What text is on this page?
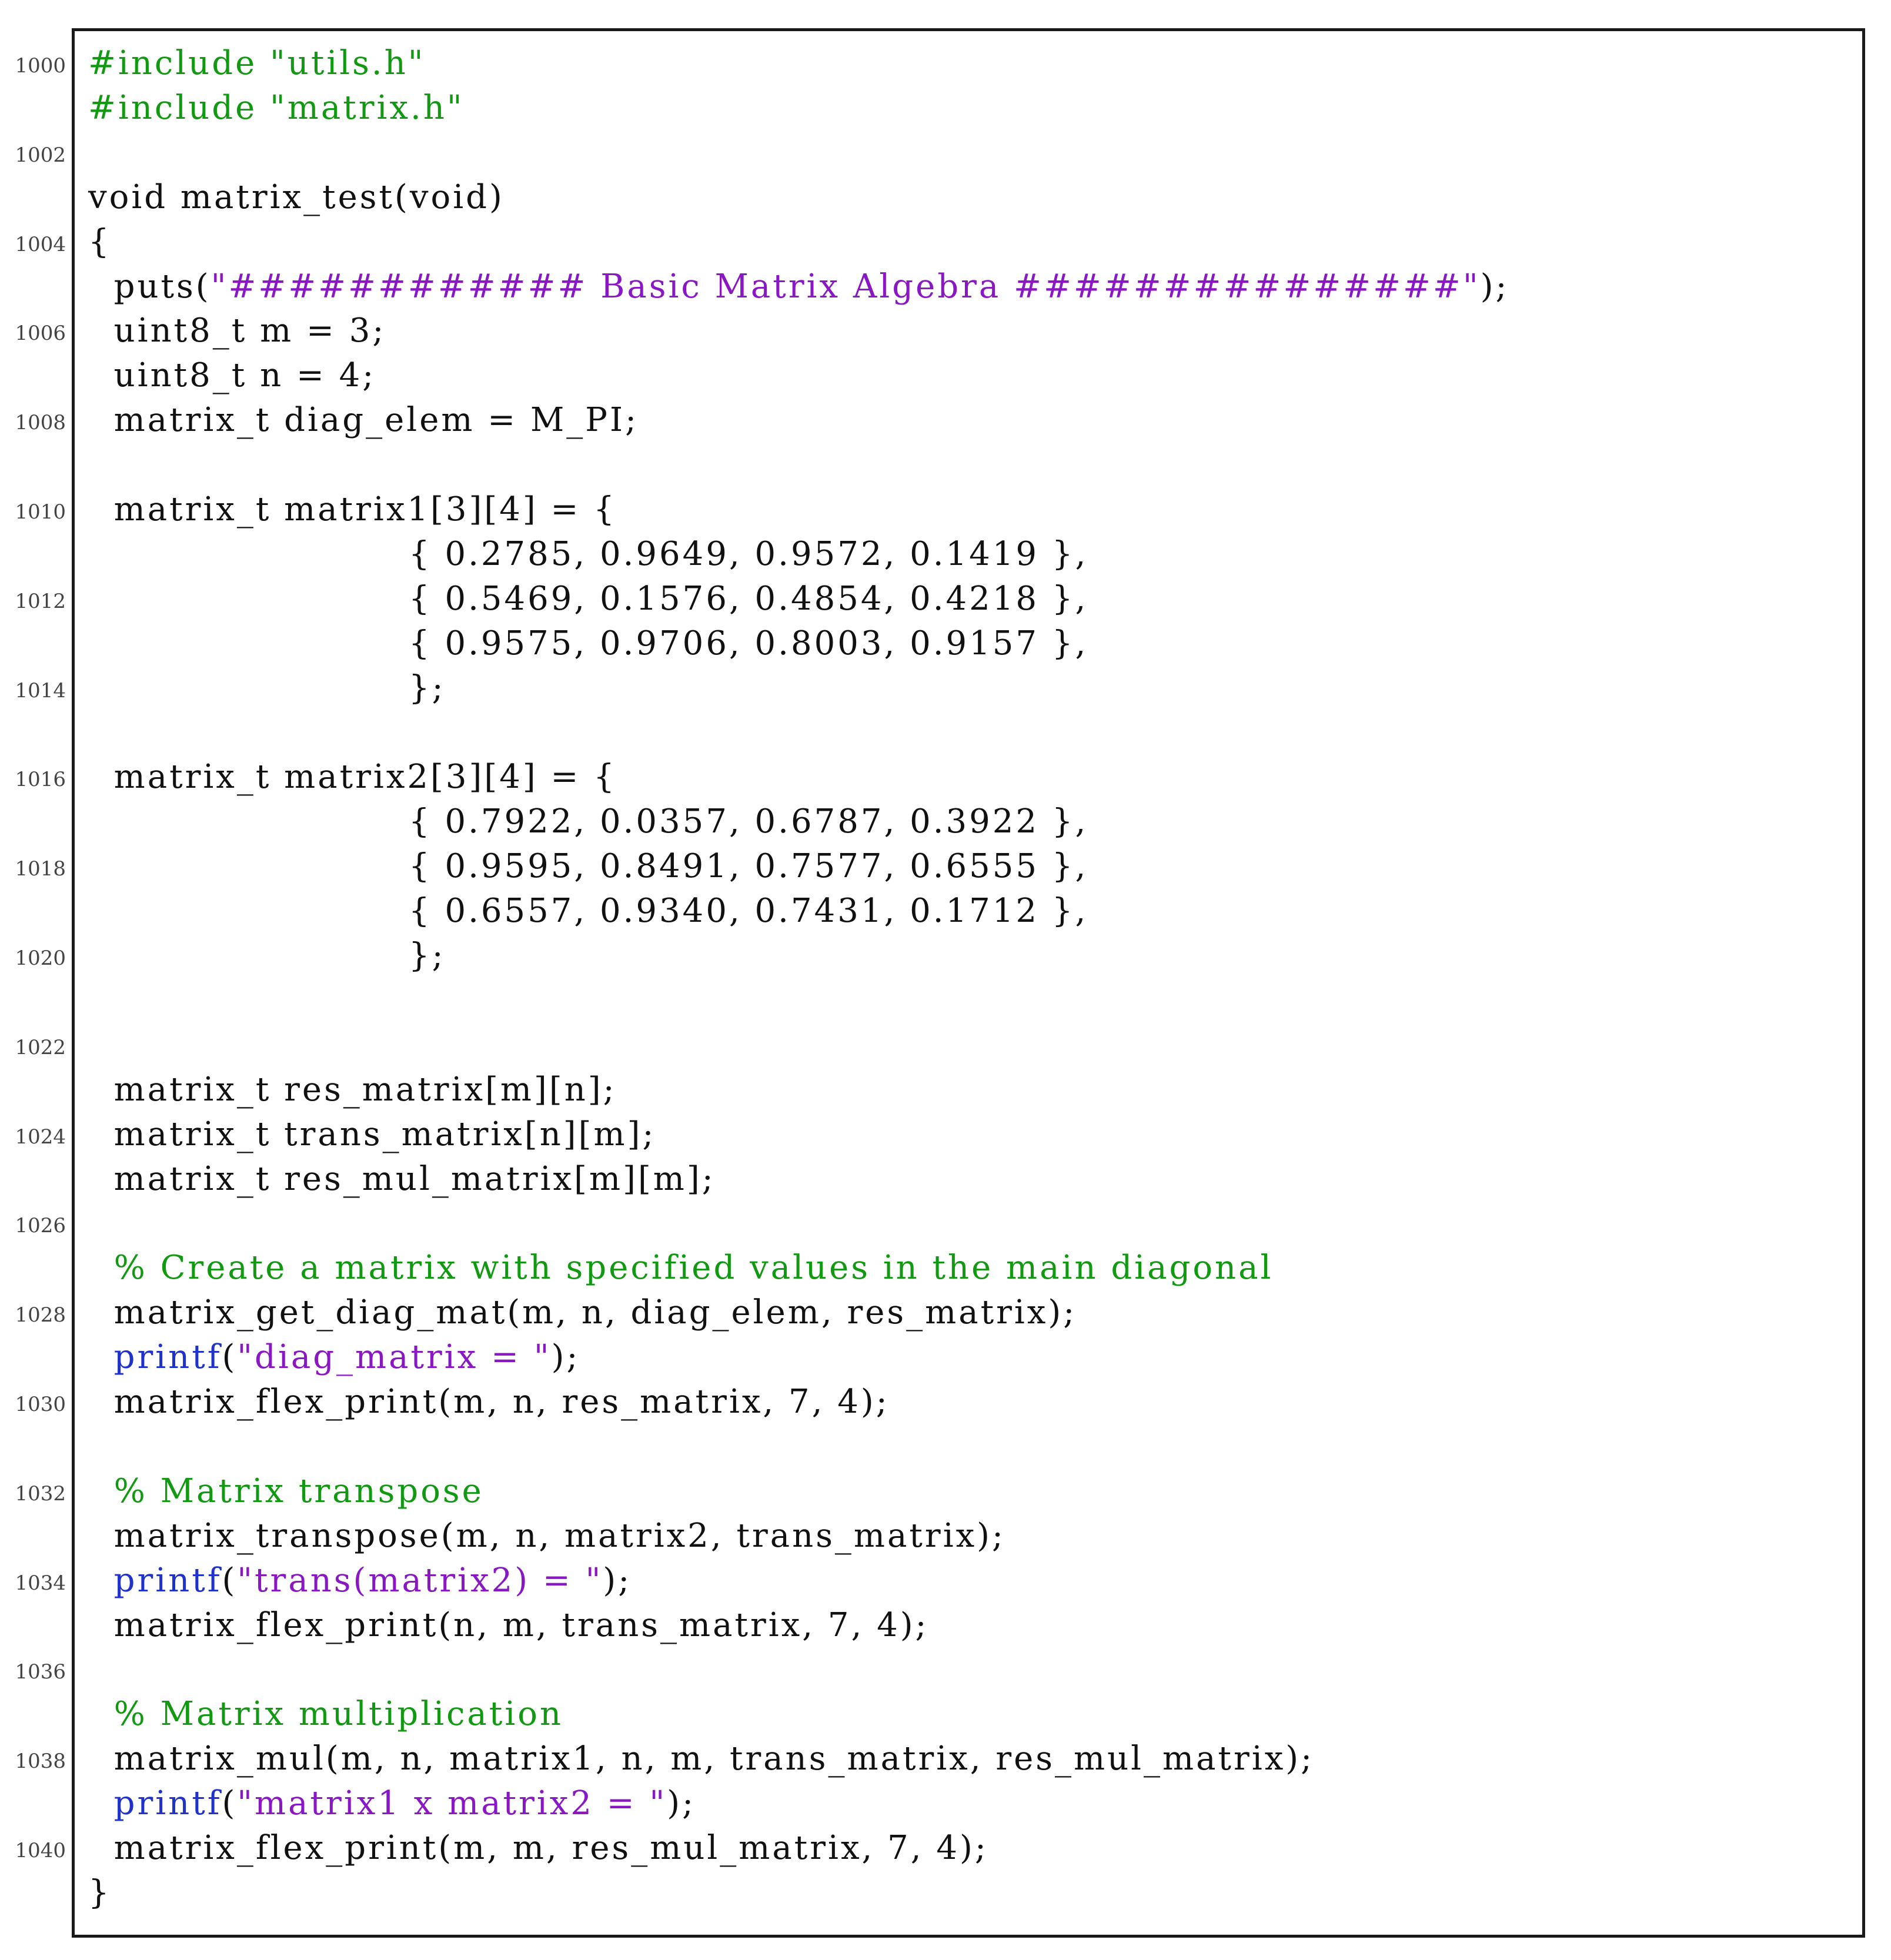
1000 #include "utils.h"
#include "matrix.h"
1002
void matrix_test(void)
1004 {
puts("############ Basic Matrix Algebra ###############");
1006 uint8_t m = 3;
uint8_t n = 4;
1008 matrix_t diag_elem = M_PI;
1010 matrix_t matrix1[3][4] = {
{ 0.2785, 0.9649, 0.9572, 0.1419 },
1012 { 0.5469, 0.1576, 0.4854, 0.4218 },
{ 0.9575, 0.9706, 0.8003, 0.9157 },
1014 };
1016 matrix_t matrix2[3][4] = {
{ 0.7922, 0.0357, 0.6787, 0.3922 },
1018 { 0.9595, 0.8491, 0.7577, 0.6555 },
{ 0.6557, 0.9340, 0.7431, 0.1712 },
1020 };
1022
matrix_t res_matrix[m][n];
1024 matrix_t trans_matrix[n][m];
matrix_t res_mul_matrix[m][m];
1026
% Create a matrix with specified values in the main diagonal
1028 matrix_get_diag_mat(m, n, diag_elem, res_matrix);
printf("diag_matrix = ");
1030 matrix_flex_print(m, n, res_matrix, 7, 4);
1032 % Matrix transpose
matrix_transpose(m, n, matrix2, trans_matrix);
1034 printf("trans(matrix2) = ");
matrix_flex_print(n, m, trans_matrix, 7, 4);
1036
% Matrix multiplication
1038 matrix_mul(m, n, matrix1, n, m, trans_matrix, res_mul_matrix);
printf("matrix1 x matrix2 = ");
1040 matrix_flex_print(m, m, res_mul_matrix, 7, 4);
}
